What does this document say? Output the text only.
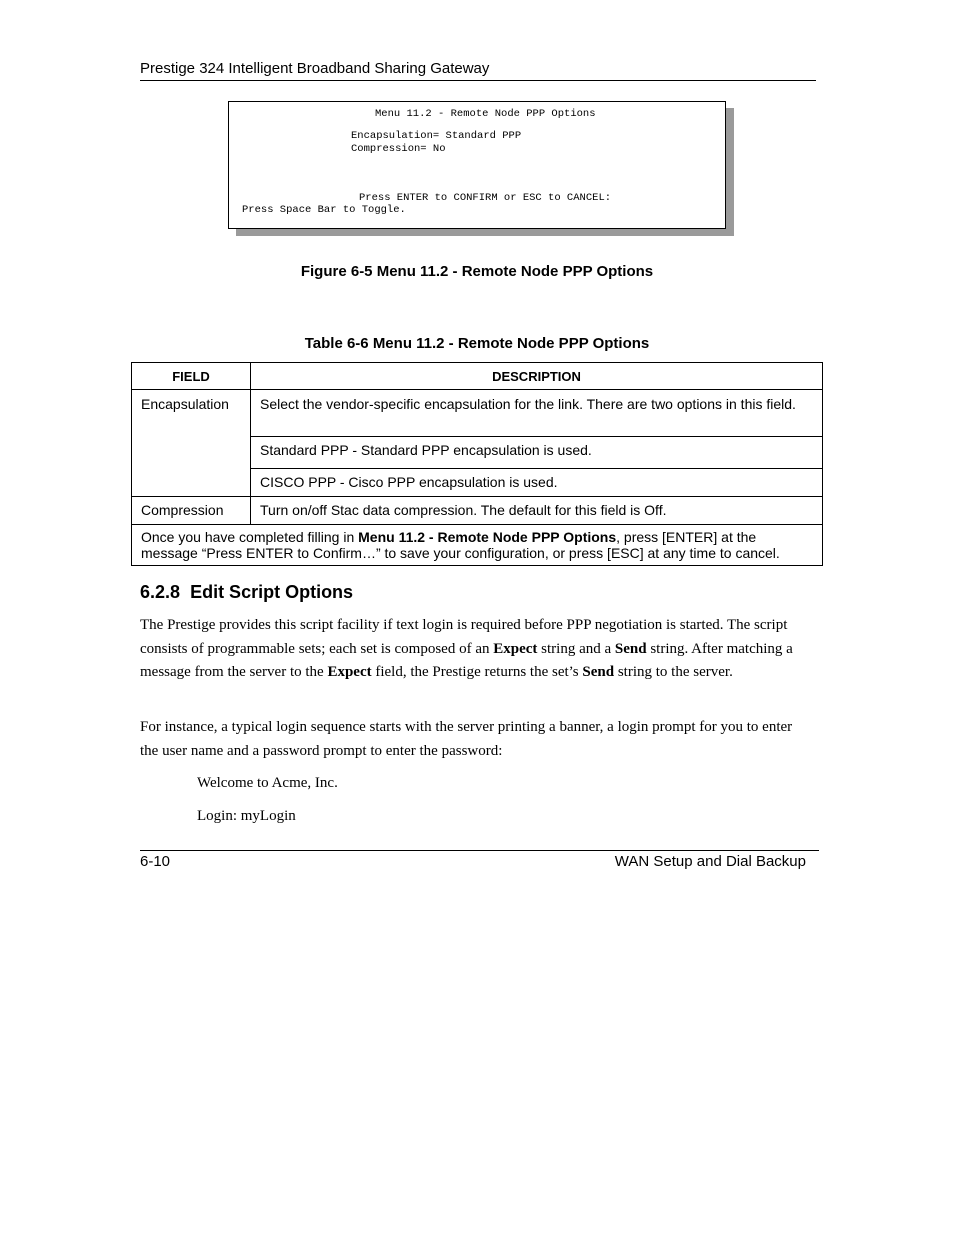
Prestige 324 Intelligent Broadband Sharing Gateway
Menu 11.2 - Remote Node PPP Options
Encapsulation= Standard PPP
Compression= No
Press ENTER to CONFIRM or ESC to CANCEL:
Press Space Bar to Toggle.
Figure 6-5 Menu 11.2 - Remote Node PPP Options
Table 6-6 Menu 11.2 - Remote Node PPP Options
FIELD	DESCRIPTION
Encapsulation	Select the vendor-specific encapsulation for the link. There are two options in this field.
	Standard PPP - Standard PPP encapsulation is used.
	CISCO PPP - Cisco PPP encapsulation is used.
Compression	Turn on/off Stac data compression. The default for this field is Off.
Once you have completed filling in Menu 11.2 - Remote Node PPP Options, press [ENTER] at the message “Press ENTER to Confirm…” to save your configuration, or press [ESC] at any time to cancel.	
6.2.8 Edit Script Options
The Prestige provides this script facility if text login is required before PPP negotiation is started. The script consists of programmable sets; each set is composed of an Expect string and a Send string. After matching a message from the server to the Expect field, the Prestige returns the set’s Send string to the server.
For instance, a typical login sequence starts with the server printing a banner, a login prompt for you to enter the user name and a password prompt to enter the password:
Welcome to Acme, Inc.
Login: myLogin
6-10	WAN Setup and Dial Backup
